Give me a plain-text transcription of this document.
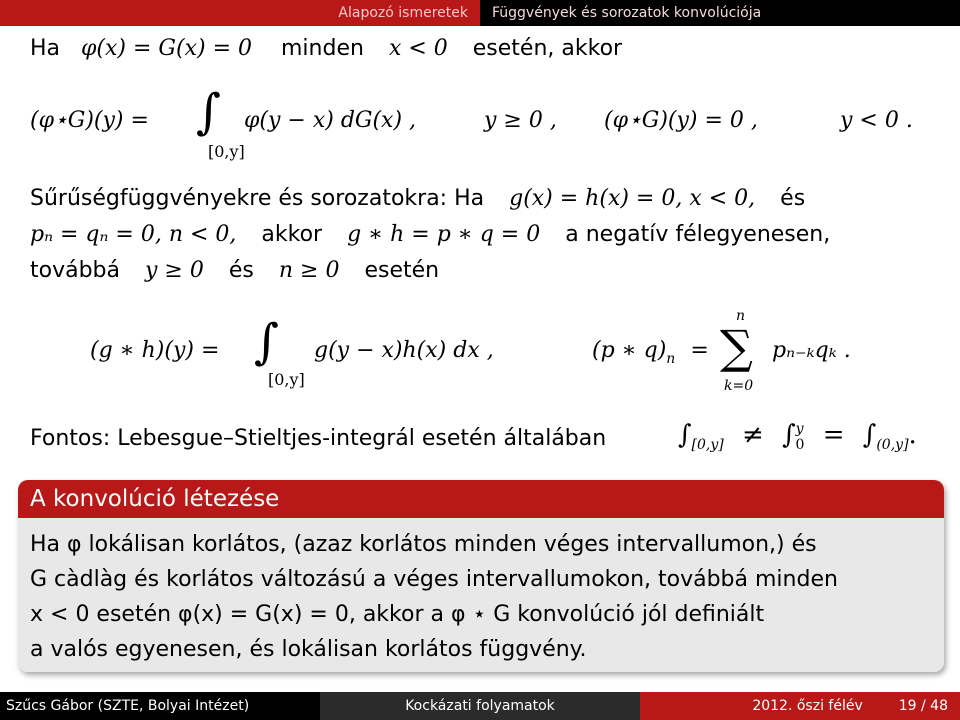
Alapozó ismeretek	Függvények és sorozatok konvolúciója
Ha φ(x) = G(x) = 0 minden x < 0 esetén, akkor
(φ⋆G)(y) = ∫
[0,y]
φ(y − x) dG(x) ,	y ≥ 0 , (φ⋆G)(y) = 0 ,	y < 0 .
Sűrűségfüggvényekre és sorozatokra: Ha g(x) = h(x) = 0, x < 0, és
pₙ = qₙ = 0, n < 0, akkor g ∗ h = p ∗ q = 0 a negatív félegyenesen,
továbbá y ≥ 0 és n ≥ 0 esetén
(g ∗ h)(y) = ∫
[0,y]
g(y − x)h(x) dx ,	(p ∗ $q)_n$ =
n
∑
k=0
pₙ₋ₖqₖ .
Fontos: Lebesgue–Stieltjes-integrál esetén általában	$\int_{[0,y]} \ne \int^y_0 = \int_{(0,y]}$.
A konvolúció létezése
Ha φ lokálisan korlátos, (azaz korlátos minden véges intervallumon,) és
G càdlàg és korlátos változású a véges intervallumokon, továbbá minden
x < 0 esetén φ(x) = G(x) = 0, akkor a φ ⋆ G konvolúció jól definiált
a valós egyenesen, és lokálisan korlátos függvény.
Szűcs Gábor (SZTE, Bolyai Intézet)	Kockázati folyamatok	2012. őszi félév	19 / 48
